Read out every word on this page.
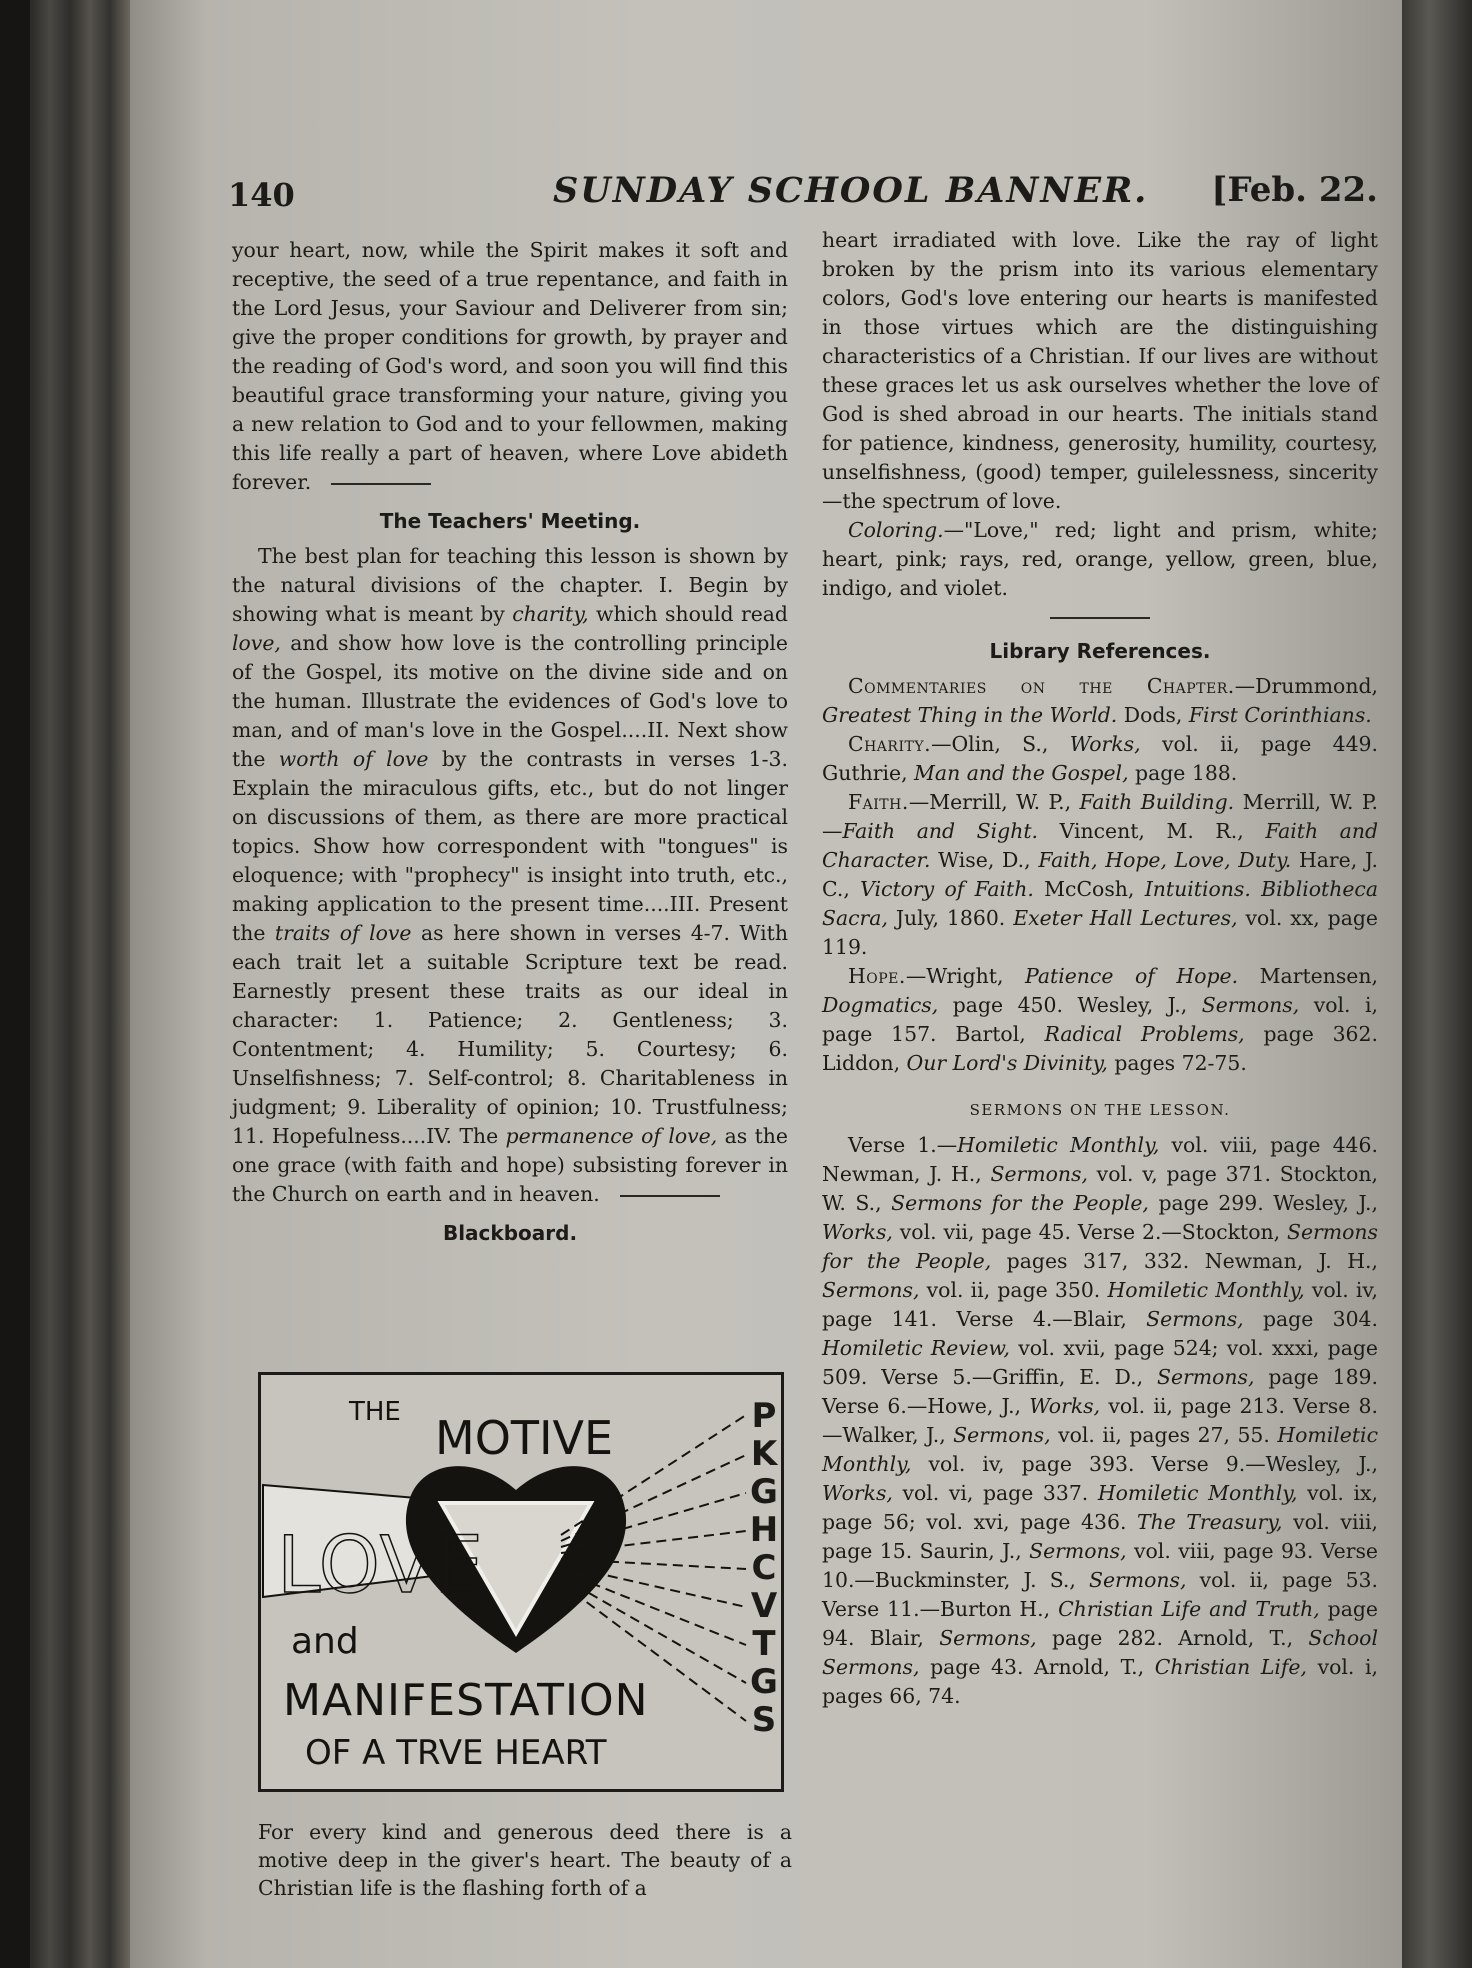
140	SUNDAY SCHOOL BANNER. [Feb. 22.

your heart, now, while the Spirit makes it soft and receptive, the seed of a true repentance, and faith in the Lord Jesus, your Saviour and Deliverer from sin; give the proper conditions for growth, by prayer and the reading of God's word, and soon you will find this beautiful grace transforming your nature, giving you a new relation to God and to your fellowmen, making this life really a part of heaven, where Love abideth forever.

The Teachers' Meeting.

The best plan for teaching this lesson is shown by the natural divisions of the chapter. I. Begin by showing what is meant by charity, which should read love, and show how love is the controlling principle of the Gospel, its motive on the divine side and on the human. Illustrate the evidences of God's love to man, and of man's love in the Gospel....II. Next show the worth of love by the contrasts in verses 1-3. Explain the miraculous gifts, etc., but do not linger on discussions of them, as there are more practical topics. Show how correspondent with "tongues" is eloquence; with "prophecy" is insight into truth, etc., making application to the present time....III. Present the traits of love as here shown in verses 4-7. With each trait let a suitable Scripture text be read. Earnestly present these traits as our ideal in character: 1. Patience; 2. Gentleness; 3. Contentment; 4. Humility; 5. Courtesy; 6. Unselfishness; 7. Self-control; 8. Charitableness in judgment; 9. Liberality of opinion; 10. Trustfulness; 11. Hopefulness....IV. The permanence of love, as the one grace (with faith and hope) subsisting forever in the Church on earth and in heaven.

Blackboard.
THE MOTIVE
LOVE
and
MANIFESTATION
OF A TRVE HEART
P
K
G
H
C
V
T
G
S

For every kind and generous deed there is a motive deep in the giver's heart. The beauty of a Christian life is the flashing forth of a

heart irradiated with love. Like the ray of light broken by the prism into its various elementary colors, God's love entering our hearts is manifested in those virtues which are the distinguishing characteristics of a Christian. If our lives are without these graces let us ask ourselves whether the love of God is shed abroad in our hearts. The initials stand for patience, kindness, generosity, humility, courtesy, unselfishness, (good) temper, guilelessness, sincerity—the spectrum of love.

Coloring.—"Love," red; light and prism, white; heart, pink; rays, red, orange, yellow, green, blue, indigo, and violet.

Library References.

Commentaries on the Chapter.—Drummond, Greatest Thing in the World. Dods, First Corinthians.

Charity.—Olin, S., Works, vol. ii, page 449. Guthrie, Man and the Gospel, page 188.

Faith.—Merrill, W. P., Faith Building. Merrill, W. P.—Faith and Sight. Vincent, M. R., Faith and Character. Wise, D., Faith, Hope, Love, Duty. Hare, J. C., Victory of Faith. McCosh, Intuitions. Bibliotheca Sacra, July, 1860. Exeter Hall Lectures, vol. xx, page 119.

Hope.—Wright, Patience of Hope. Martensen, Dogmatics, page 450. Wesley, J., Sermons, vol. i, page 157. Bartol, Radical Problems, page 362. Liddon, Our Lord's Divinity, pages 72-75.

SERMONS ON THE LESSON.

Verse 1.—Homiletic Monthly, vol. viii, page 446. Newman, J. H., Sermons, vol. v, page 371. Stockton, W. S., Sermons for the People, page 299. Wesley, J., Works, vol. vii, page 45. Verse 2.—Stockton, Sermons for the People, pages 317, 332. Newman, J. H., Sermons, vol. ii, page 350. Homiletic Monthly, vol. iv, page 141. Verse 4.—Blair, Sermons, page 304. Homiletic Review, vol. xvii, page 524; vol. xxxi, page 509. Verse 5.—Griffin, E. D., Sermons, page 189. Verse 6.—Howe, J., Works, vol. ii, page 213. Verse 8.—Walker, J., Sermons, vol. ii, pages 27, 55. Homiletic Monthly, vol. iv, page 393. Verse 9.—Wesley, J., Works, vol. vi, page 337. Homiletic Monthly, vol. ix, page 56; vol. xvi, page 436. The Treasury, vol. viii, page 15. Saurin, J., Sermons, vol. viii, page 93. Verse 10.—Buckminster, J. S., Sermons, vol. ii, page 53. Verse 11.—Burton H., Christian Life and Truth, page 94. Blair, Sermons, page 282. Arnold, T., School Sermons, page 43. Arnold, T., Christian Life, vol. i, pages 66, 74.
